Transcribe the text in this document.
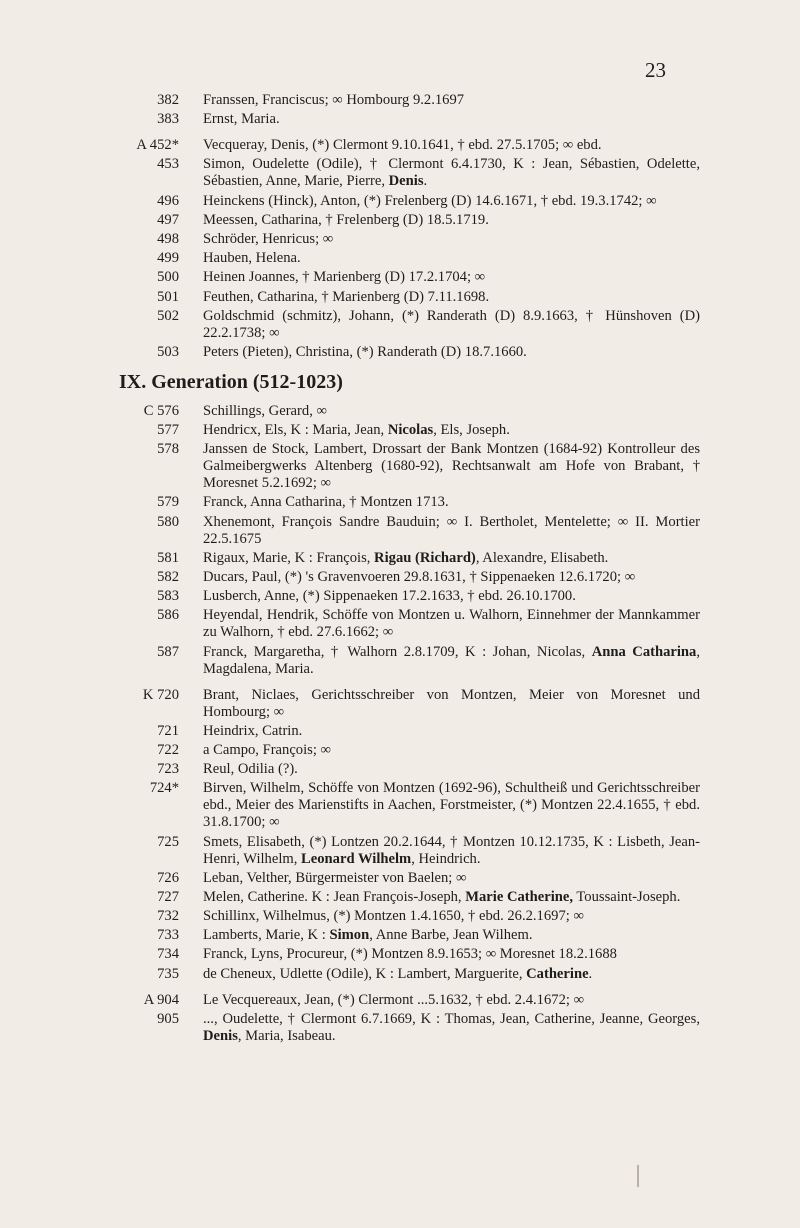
23
382 Franssen, Franciscus; ∞ Hombourg 9.2.1697
383 Ernst, Maria.
A 452* Vecqueray, Denis, (*) Clermont 9.10.1641, † ebd. 27.5.1705; ∞ ebd.
453 Simon, Oudelette (Odile), † Clermont 6.4.1730, K : Jean, Sébastien, Odelette, Sébastien, Anne, Marie, Pierre, Denis.
496 Heinckens (Hinck), Anton, (*) Frelenberg (D) 14.6.1671, † ebd. 19.3.1742; ∞
497 Meessen, Catharina, † Frelenberg (D) 18.5.1719.
498 Schröder, Henricus; ∞
499 Hauben, Helena.
500 Heinen Joannes, † Marienberg (D) 17.2.1704; ∞
501 Feuthen, Catharina, † Marienberg (D) 7.11.1698.
502 Goldschmid (schmitz), Johann, (*) Randerath (D) 8.9.1663, † Hünshoven (D) 22.2.1738; ∞
503 Peters (Pieten), Christina, (*) Randerath (D) 18.7.1660.
IX. Generation (512-1023)
C 576 Schillings, Gerard, ∞
577 Hendricx, Els, K : Maria, Jean, Nicolas, Els, Joseph.
578 Janssen de Stock, Lambert, Drossart der Bank Montzen (1684-92) Kontrolleur des Galmeibergwerks Altenberg (1680-92), Rechtsanwalt am Hofe von Brabant, † Moresnet 5.2.1692; ∞
579 Franck, Anna Catharina, † Montzen 1713.
580 Xhenemont, François Sandre Bauduin; ∞ I. Bertholet, Mentelette; ∞ II. Mortier 22.5.1675
581 Rigaux, Marie, K : François, Rigau (Richard), Alexandre, Elisabeth.
582 Ducars, Paul, (*) 's Gravenvoeren 29.8.1631, † Sippenaeken 12.6.1720; ∞
583 Lusberch, Anne, (*) Sippenaeken 17.2.1633, † ebd. 26.10.1700.
586 Heyendal, Hendrik, Schöffe von Montzen u. Walhorn, Einnehmer der Mannkammer zu Walhorn, † ebd. 27.6.1662; ∞
587 Franck, Margaretha, † Walhorn 2.8.1709, K : Johan, Nicolas, Anna Catharina, Magdalena, Maria.
K 720 Brant, Niclaes, Gerichtsschreiber von Montzen, Meier von Moresnet und Hombourg; ∞
721 Heindrix, Catrin.
722 a Campo, François; ∞
723 Reul, Odilia (?).
724* Birven, Wilhelm, Schöffe von Montzen (1692-96), Schultheiß und Gerichtsschreiber ebd., Meier des Marienstifts in Aachen, Forstmeister, (*) Montzen 22.4.1655, † ebd. 31.8.1700; ∞
725 Smets, Elisabeth, (*) Lontzen 20.2.1644, † Montzen 10.12.1735, K : Lisbeth, Jean-Henri, Wilhelm, Leonard Wilhelm, Heindrich.
726 Leban, Velther, Bürgermeister von Baelen; ∞
727 Melen, Catherine. K : Jean François-Joseph, Marie Catherine, Toussaint-Joseph.
732 Schillinx, Wilhelmus, (*) Montzen 1.4.1650, † ebd. 26.2.1697; ∞
733 Lamberts, Marie, K : Simon, Anne Barbe, Jean Wilhem.
734 Franck, Lyns, Procureur, (*) Montzen 8.9.1653; ∞ Moresnet 18.2.1688
735 de Cheneux, Udlette (Odile), K : Lambert, Marguerite, Catherine.
A 904 Le Vecquereaux, Jean, (*) Clermont ...5.1632, † ebd. 2.4.1672; ∞
905 ..., Oudelette, † Clermont 6.7.1669, K : Thomas, Jean, Catherine, Jeanne, Georges, Denis, Maria, Isabeau.
